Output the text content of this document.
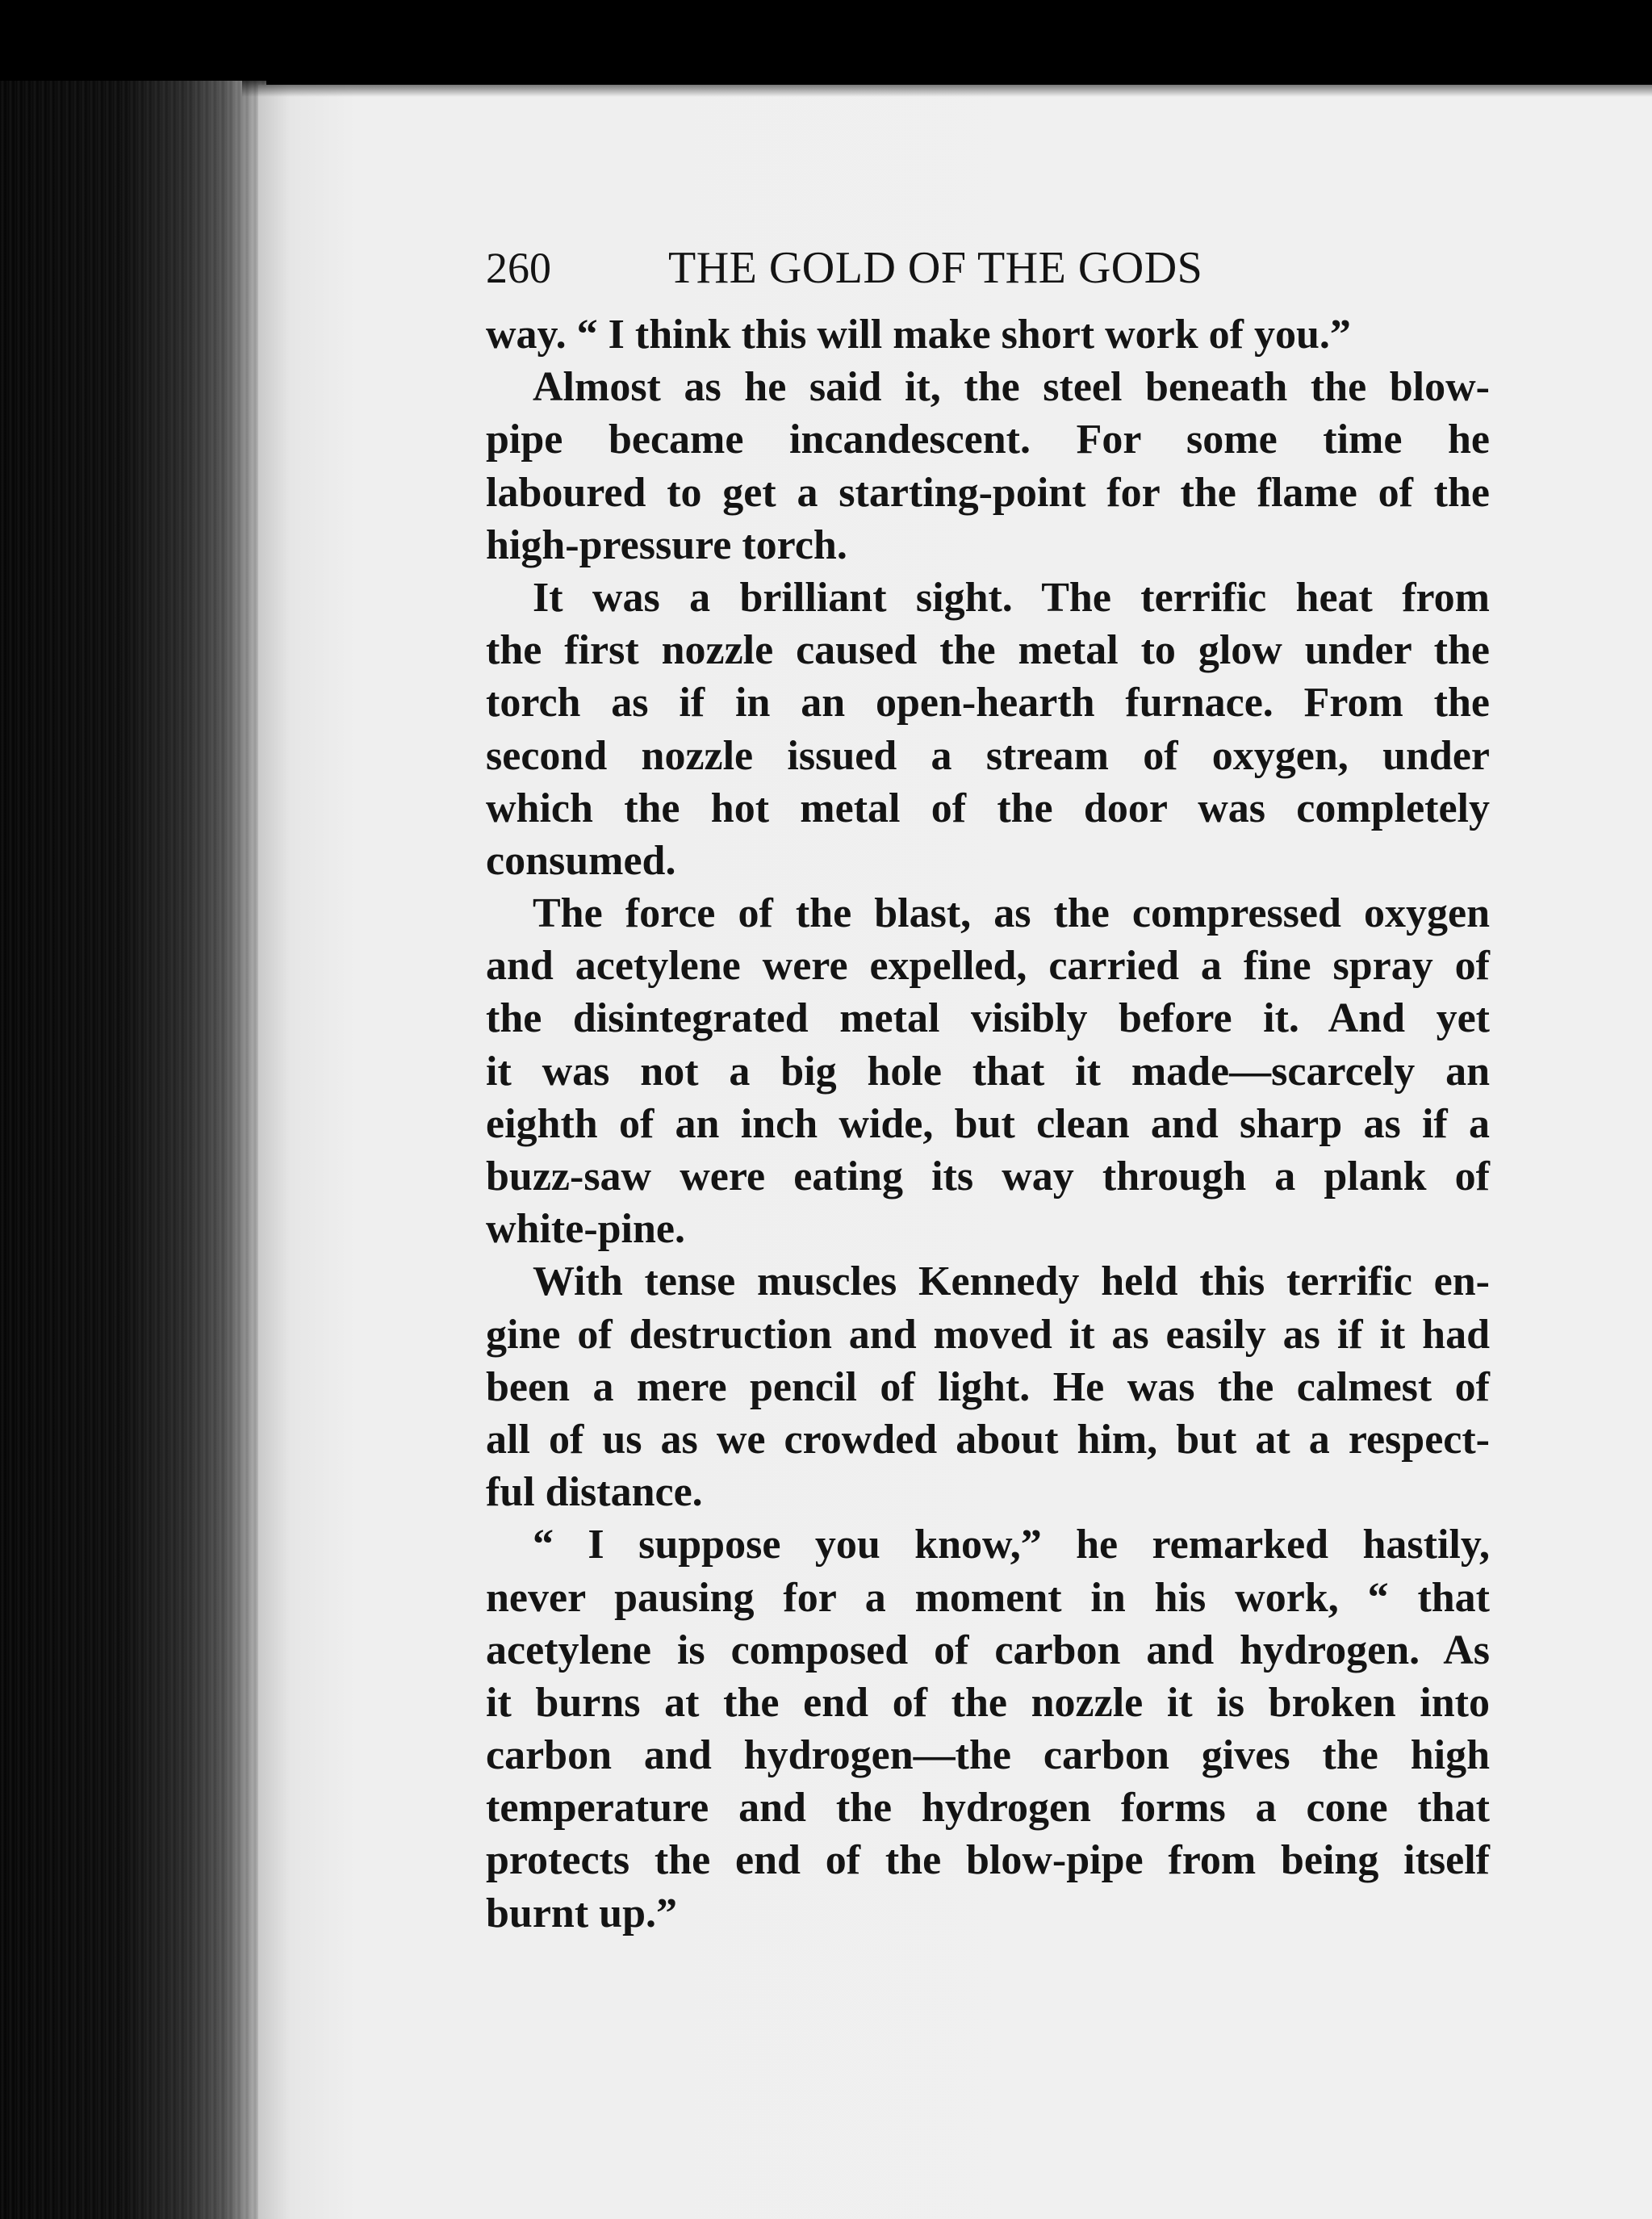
260	THE GOLD OF THE GODS
way. “ I think this will make short work of you.”
Almost as he said it, the steel beneath the blow-
pipe became incandescent. For some time he
laboured to get a starting-point for the flame of the
high-pressure torch.
It was a brilliant sight. The terrific heat from
the first nozzle caused the metal to glow under the
torch as if in an open-hearth furnace. From the
second nozzle issued a stream of oxygen, under
which the hot metal of the door was completely
consumed.
The force of the blast, as the compressed oxygen
and acetylene were expelled, carried a fine spray of
the disintegrated metal visibly before it. And yet
it was not a big hole that it made—scarcely an
eighth of an inch wide, but clean and sharp as if a
buzz-saw were eating its way through a plank of
white-pine.
With tense muscles Kennedy held this terrific en-
gine of destruction and moved it as easily as if it had
been a mere pencil of light. He was the calmest of
all of us as we crowded about him, but at a respect-
ful distance.
“ I suppose you know,” he remarked hastily,
never pausing for a moment in his work, “ that
acetylene is composed of carbon and hydrogen. As
it burns at the end of the nozzle it is broken into
carbon and hydrogen—the carbon gives the high
temperature and the hydrogen forms a cone that
protects the end of the blow-pipe from being itself
burnt up.”
